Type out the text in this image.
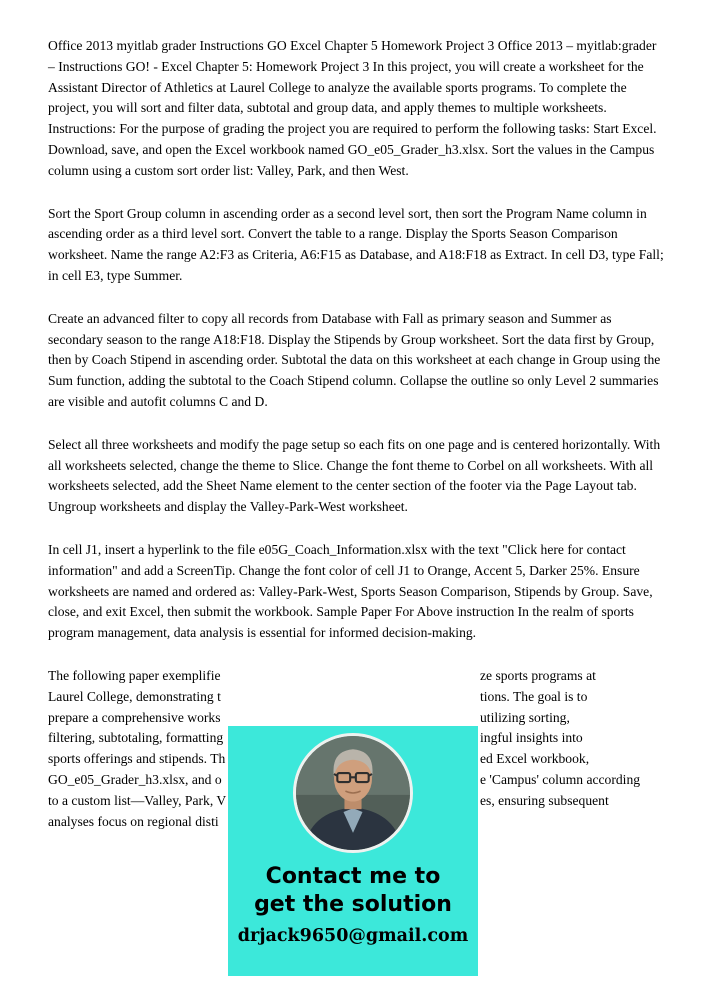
Office 2013 myitlab grader Instructions GO Excel Chapter 5 Homework Project 3 Office 2013 – myitlab:grader – Instructions GO! - Excel Chapter 5: Homework Project 3 In this project, you will create a worksheet for the Assistant Director of Athletics at Laurel College to analyze the available sports programs. To complete the project, you will sort and filter data, subtotal and group data, and apply themes to multiple worksheets. Instructions: For the purpose of grading the project you are required to perform the following tasks: Start Excel. Download, save, and open the Excel workbook named GO_e05_Grader_h3.xlsx. Sort the values in the Campus column using a custom sort order list: Valley, Park, and then West.

Sort the Sport Group column in ascending order as a second level sort, then sort the Program Name column in ascending order as a third level sort. Convert the table to a range. Display the Sports Season Comparison worksheet. Name the range A2:F3 as Criteria, A6:F15 as Database, and A18:F18 as Extract. In cell D3, type Fall; in cell E3, type Summer.

Create an advanced filter to copy all records from Database with Fall as primary season and Summer as secondary season to the range A18:F18. Display the Stipends by Group worksheet. Sort the data first by Group, then by Coach Stipend in ascending order. Subtotal the data on this worksheet at each change in Group using the Sum function, adding the subtotal to the Coach Stipend column. Collapse the outline so only Level 2 summaries are visible and autofit columns C and D.

Select all three worksheets and modify the page setup so each fits on one page and is centered horizontally. With all worksheets selected, change the theme to Slice. Change the font theme to Corbel on all worksheets. With all worksheets selected, add the Sheet Name element to the center section of the footer via the Page Layout tab. Ungroup worksheets and display the Valley-Park-West worksheet.

In cell J1, insert a hyperlink to the file e05G_Coach_Information.xlsx with the text "Click here for contact information" and add a ScreenTip. Change the font color of cell J1 to Orange, Accent 5, Darker 25%. Ensure worksheets are named and ordered as: Valley-Park-West, Sports Season Comparison, Stipends by Group. Save, close, and exit Excel, then submit the workbook. Sample Paper For Above instruction In the realm of sports program management, data analysis is essential for informed decision-making.

The following paper exemplifie	ze sports programs at
Laurel College, demonstrating t	tions. The goal is to
prepare a comprehensive works	utilizing sorting,
filtering, subtotaling, formatting	ingful insights into
sports offerings and stipends. Th	ed Excel workbook,
GO_e05_Grader_h3.xlsx, and o	e 'Campus' column according
to a custom list—Valley, Park, V	es, ensuring subsequent
analyses focus on regional disti
Contact me to
get the solution
drjack9650@gmail.com
